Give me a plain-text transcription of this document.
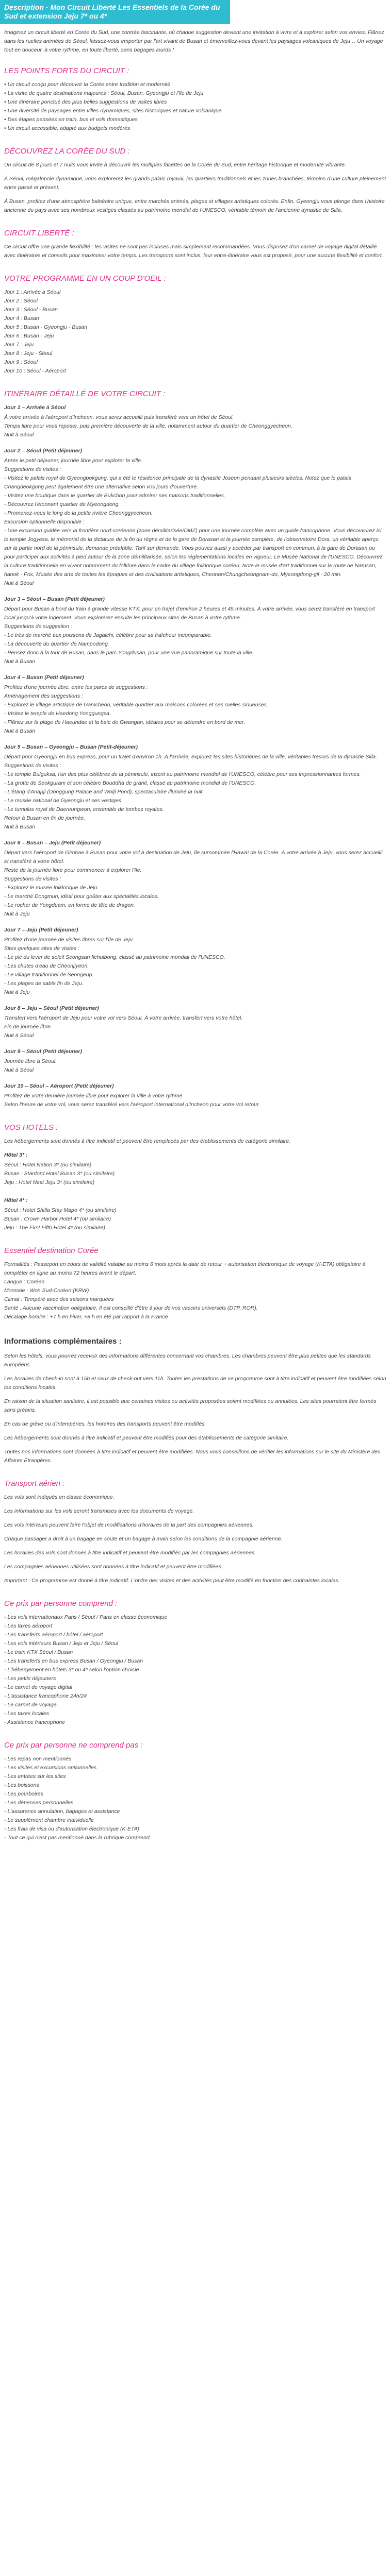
Description - Mon Circuit Liberté Les Essentiels de la Corée du Sud et extension Jeju 7* ou 4*

Imaginez un circuit liberté en Corée du Sud, une contrée fascinante, où chaque suggestion devient une invitation à vivre et à explorer selon vos envies. Flânez dans les ruelles animées de Séoul, laissez-vous emporter par l'art vivant de Busan et émerveillez-vous devant les paysages volcaniques de Jeju… Un voyage tout en douceur, à votre rythme, en toute liberté, sans bagages lourds !

LES POINTS FORTS DU CIRCUIT :

• Un circuit conçu pour découvrir la Corée entre tradition et modernité

• La visite de quatre destinations majeures : Séoul, Busan, Gyeongju et l'île de Jeju

• Une itinéraire ponctué des plus belles suggestions de visites libres

• Une diversité de paysages entre villes dynamiques, sites historiques et nature volcanique

• Des étapes pensées en train, bus et vols domestiques

• Un circuit accessible, adapté aux budgets modérés

DÉCOUVREZ LA CORÉE DU SUD :

Un circuit de 8 jours et 7 nuits vous invite à découvrir les multiples facettes de la Corée du Sud, entre héritage historique et modernité vibrante.

À Séoul, mégalopole dynamique, vous explorerez les grands palais royaux, les quartiers traditionnels et les zones branchées, témoins d'une culture pleinement entre passé et présent.

À Busan, profitez d'une atmosphère balnéaire unique, entre marchés animés, plages et villages artistiques colorés. Enfin, Gyeongju vous plonge dans l'histoire ancienne du pays avec ses nombreux vestiges classés au patrimoine mondial de l'UNESCO, véritable témoin de l'ancienne dynastie de Silla.

CIRCUIT LIBERTÉ :

Ce circuit offre une grande flexibilité : les visites ne sont pas incluses mais simplement recommandées. Vous disposez d'un carnet de voyage digital détaillé avec itinéraires et conseils pour maximiser votre temps. Les transports sont inclus, leur entre-itinéraire vous est proposé, pour une aucune flexibilité et confort.

VOTRE PROGRAMME EN UN COUP D'OEIL :

Jour 1 : Arrivée à Séoul

Jour 2 : Séoul

Jour 3 : Séoul - Busan

Jour 4 : Busan

Jour 5 : Busan - Gyeongju - Busan

Jour 6 : Busan - Jeju

Jour 7 : Jeju

Jour 8 : Jeju - Séoul

Jour 9 : Séoul

Jour 10 : Séoul - Aéroport

ITINÉRAIRE DÉTAILLÉ DE VOTRE CIRCUIT :

Jour 1 – Arrivée à Séoul

À votre arrivée à l'aéroport d'Incheon, vous serez accueilli puis transféré vers un hôtel de Séoul.

Temps libre pour vous reposer, puis première découverte de la ville, notamment autour du quartier de Cheonggyecheon.

Nuit à Séoul

Jour 2 – Séoul (Petit déjeuner)

Après le petit déjeuner, journée libre pour explorer la ville.

Suggestions de visites :

- Visitez le palais royal de Gyeongbokgung, qui a été le résidence principale de la dynastie Joseon pendant plusieurs siècles. Notez que le palais Changdeokgung peut également être une alternative selon vos jours d'ouverture.

- Visitez une boutique dans le quartier de Bukchon pour admirer ses maisons traditionnelles.

- Découvrez l'étonnant quartier de Myeongdong.

- Promenez-vous le long de la petite rivière Cheonggyecheon.

Excursion optionnelle disponible :

- Une excursion guidée vers la frontière nord-coréenne (zone démilitarisée/DMZ) pour une journée complète avec un guide francophone. Vous découvrirez ici le temple Jogyesa, le mémorial de la dictature de la fin du règne et de la gare de Dorasan et la journée complète, de l'observatoire Dora, un véritable aperçu sur la partie nord de la péninsule, demande préalable. Tarif sur demande. Vous pouvez aussi y accéder par transport en commun, à la gare de Dorasan ou pour participer aux activités à pied autour de la zone démilitarisée, selon les réglementations locales en vigueur. Le Musée National de l'UNESCO. Découvrez la culture traditionnelle en vivant notamment du folklore dans le cadre du village folklorique coréen. Note le musée d'art traditionnel sur la route de Namsan, hanok - Prix, Musée des arts de toutes les époques et des civilisations artistiques, Cheonan/Chungcheongnam-do, Myeongdong-gil - 20 min.

Nuit à Séoul

Jour 3 – Séoul – Busan (Petit déjeuner)

Départ pour Busan à bord du train à grande vitesse KTX, pour un trajet d'environ 2 heures et 45 minutes. À votre arrivée, vous serez transféré en transport local jusqu'à votre logement. Vous explorerez ensuite les principaux sites de Busan à votre rythme.

Suggestions de suggestion :

- Le très de marché aux poissons de Jagalchi, célèbre pour sa fraîcheur incomparable.

- La découverte du quartier de Nampodong.

- Pensez donc à la tour de Busan, dans le parc Yongdusan, pour une vue panoramique sur toute la ville.

Nuit à Busan

Jour 4 – Busan (Petit déjeuner)

Profitez d'une journée libre, entre les parcs de suggestions :

Aménagement des suggestions :

- Explorez le village artistique de Gamcheon, véritable quartier aux maisons colorées et ses ruelles sinueuses.

- Visitez le temple de Haedong Yonggungsa.

- Flânez sur la plage de Haeundae et la baie de Gwangan, idéales pour se détendre en bord de mer.

Nuit à Busan

Jour 5 – Busan – Gyeongju – Busan (Petit-déjeuner)

Départ pour Gyeongju en bus express, pour un trajet d'environ 1h. À l'arrivée, explorez les sites historiques de la ville, véritables trésors de la dynastie Silla.

Suggestions de visites :

- Le temple Bulguksa, l'un des plus célèbres de la péninsule, inscrit au patrimoine mondial de l'UNESCO, célèbre pour ses impressionnantes formes.

- La grotte de Seokguram et son célèbre Bouddha de granit, classé au patrimoine mondial de l'UNESCO.

- L'étang d'Anapji (Donggung Palace and Wolji Pond), spectaculaire illuminé la nuit.

- Le musée national de Gyeongju et ses vestiges.

- Le tumulus royal de Daereungwon, ensemble de tombes royales.

Retour à Busan en fin de journée.

Nuit à Busan

Jour 6 – Busan – Jeju (Petit déjeuner)

Départ vers l'aéroport de Gimhae à Busan pour votre vol à destination de Jeju, île surnommée l'Hawaï de la Corée. À votre arrivée à Jeju, vous serez accueilli et transféré à votre hôtel.

Reste de la journée libre pour commencer à explorer l'île.

Suggestions de visites :

- Explorez le musée folklorique de Jeju.

- Le marché Dongmun, idéal pour goûter aux spécialités locales.

- Le rocher de Yongduam, en forme de tête de dragon.

Nuit à Jeju

Jour 7 – Jeju (Petit déjeuner)

Profitez d'une journée de visites libres sur l'île de Jeju.

Sites quelques sites de visites :

- Le pic du lever de soleil Seongsan Ilchulbong, classé au patrimoine mondial de l'UNESCO.

- Les chutes d'eau de Cheonjiyeon.

- Le village traditionnel de Seongeup.

- Les plages de sable fin de Jeju.

Nuit à Jeju

Jour 8 – Jeju – Séoul (Petit déjeuner)

Transfert vers l'aéroport de Jeju pour votre vol vers Séoul. À votre arrivée, transfert vers votre hôtel.

Fin de journée libre.

Nuit à Séoul

Jour 9 – Séoul (Petit déjeuner)

Journée libre à Séoul.

Nuit à Séoul

Jour 10 – Séoul – Aéroport (Petit déjeuner)

Profitez de votre dernière journée libre pour explorer la ville à votre rythme.

Selon l'heure de votre vol, vous serez transféré vers l'aéroport international d'Incheon pour votre vol retour.

VOS HOTELS :

Les hébergements sont donnés à titre indicatif et peuvent être remplacés par des établissements de catégorie similaire.

Hôtel 3* :

Séoul : Hotel Nation 3* (ou similaire)

Busan : Stanford Hotel Busan 3* (ou similaire)

Jeju : Hotel Nest Jeju 3* (ou similaire)

Hôtel 4* :

Séoul : Hotel Shilla Stay Mapo 4* (ou similaire)

Busan : Crown Harbor Hotel 4* (ou similaire)

Jeju : The First Fifth Hotel 4* (ou similaire)

Essentiel destination Corée

Formalités : Passeport en cours de validité valable au moins 6 mois après la date de retour + autorisation électronique de voyage (K-ETA) obligatoire à compléter en ligne au moins 72 heures avant le départ.

Langue : Coréen

Monnaie : Won Sud-Coréen (KRW)

Climat : Tempéré avec des saisons marquées

Santé : Aucune vaccination obligatoire. Il est conseillé d'être à jour de vos vaccins universels (DTP, ROR).

Décalage horaire : +7 h en hiver, +8 h en été par rapport à la France

Informations complémentaires :

Selon les hôtels, vous pourrez recevoir des informations différentes concernant vos chambres. Les chambres peuvent être plus petites que les standards européens.

Les horaires de check-in sont à 15h et ceux de check-out vers 11h. Toutes les prestations de ce programme sont à titre indicatif et peuvent être modifiées selon les conditions locales.

En raison de la situation sanitaire, il est possible que certaines visites ou activités proposées soient modifiées ou annulées. Les sites pourraient être fermés sans préavis.

En cas de grève ou d'intempéries, les horaires des transports peuvent être modifiés.

Les hébergements sont donnés à titre indicatif et peuvent être modifiés pour des établissements de catégorie similaire.

Toutes nos informations sont données à titre indicatif et peuvent être modifiées. Nous vous conseillons de vérifier les informations sur le site du Ministère des Affaires Étrangères.

Transport aérien :

Les vols sont indiqués en classe économique.

Les informations sur les vols seront transmises avec les documents de voyage.

Les vols intérieurs peuvent faire l'objet de modifications d'horaires de la part des compagnies aériennes.

Chaque passager a droit à un bagage en soute et un bagage à main selon les conditions de la compagnie aérienne.

Les horaires des vols sont donnés à titre indicatif et peuvent être modifiés par les compagnies aériennes.

Les compagnies aériennes utilisées sont données à titre indicatif et peuvent être modifiées.

Important : Ce programme est donné à titre indicatif. L'ordre des visites et des activités peut être modifié en fonction des contraintes locales.

Ce prix par personne comprend :

- Les vols internationaux Paris / Séoul / Paris en classe économique

- Les taxes aéroport

- Les transferts aéroport / hôtel / aéroport

- Les vols intérieurs Busan / Jeju et Jeju / Séoul

- Le train KTX Séoul / Busan

- Les transferts en bus express Busan / Gyeongju / Busan

- L'hébergement en hôtels 3* ou 4* selon l'option choisie

- Les petits déjeuners

- Le carnet de voyage digital

- L'assistance francophone 24h/24

- Le carnet de voyage

- Les taxes locales

- Assistance francophone

Ce prix par personne ne comprend pas :

- Les repas non mentionnés

- Les visites et excursions optionnelles

- Les entrées sur les sites

- Les boissons

- Les pourboires

- Les dépenses personnelles

- L'assurance annulation, bagages et assistance

- Le supplément chambre individuelle

- Les frais de visa ou d'autorisation électronique (K-ETA)

- Tout ce qui n'est pas mentionné dans la rubrique comprend
